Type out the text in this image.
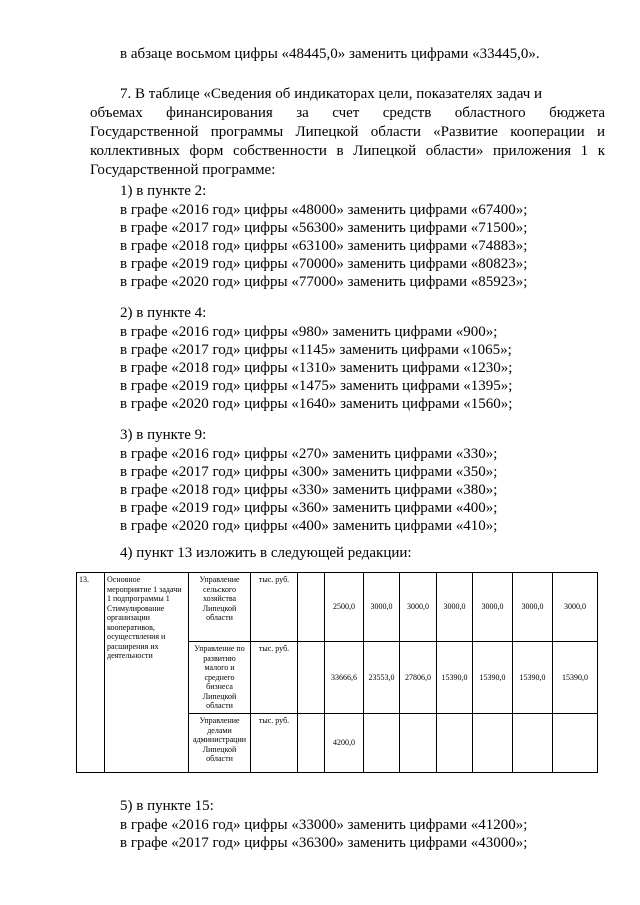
в абзаце восьмом цифры «48445,0» заменить цифрами «33445,0».
7. В таблице «Сведения об индикаторах цели, показателях задач и
объемах финансирования за счет средств областного бюджета
Государственной программы Липецкой области «Развитие кооперации и
коллективных форм собственности в Липецкой области» приложения 1 к
Государственной программе:
1) в пункте 2:
в графе «2016 год» цифры «48000» заменить цифрами «67400»;
в графе «2017 год» цифры «56300» заменить цифрами «71500»;
в графе «2018 год» цифры «63100» заменить цифрами «74883»;
в графе «2019 год» цифры «70000» заменить цифрами «80823»;
в графе «2020 год» цифры «77000» заменить цифрами «85923»;
2) в пункте 4:
в графе «2016 год» цифры «980» заменить цифрами «900»;
в графе «2017 год» цифры «1145» заменить цифрами «1065»;
в графе «2018 год» цифры «1310» заменить цифрами «1230»;
в графе «2019 год» цифры «1475» заменить цифрами «1395»;
в графе «2020 год» цифры «1640» заменить цифрами «1560»;
3) в пункте 9:
в графе «2016 год» цифры «270» заменить цифрами «330»;
в графе «2017 год» цифры «300» заменить цифрами «350»;
в графе «2018 год» цифры «330» заменить цифрами «380»;
в графе «2019 год» цифры «360» заменить цифрами «400»;
в графе «2020 год» цифры «400» заменить цифрами «410»;
4) пункт 13 изложить в следующей редакции:
13.	Основное мероприятие 1 задачи 1 подпрограммы 1 Стимулирование организации кооперативов, осуществления и расширения их деятельности	Управление сельского хозяйства Липецкой области	тыс. руб.		2500,0	3000,0	3000,0	3000,0	3000,0	3000,0	3000,0
		Управление по развитию малого и среднего бизнеса Липецкой области	тыс. руб.		33666,6	23553,0	27806,0	15390,0	15390,0	15390,0	15390,0
		Управление делами администрации Липецкой области	тыс. руб.		4200,0						
5) в пункте 15:
в графе «2016 год» цифры «33000» заменить цифрами «41200»;
в графе «2017 год» цифры «36300» заменить цифрами «43000»;
